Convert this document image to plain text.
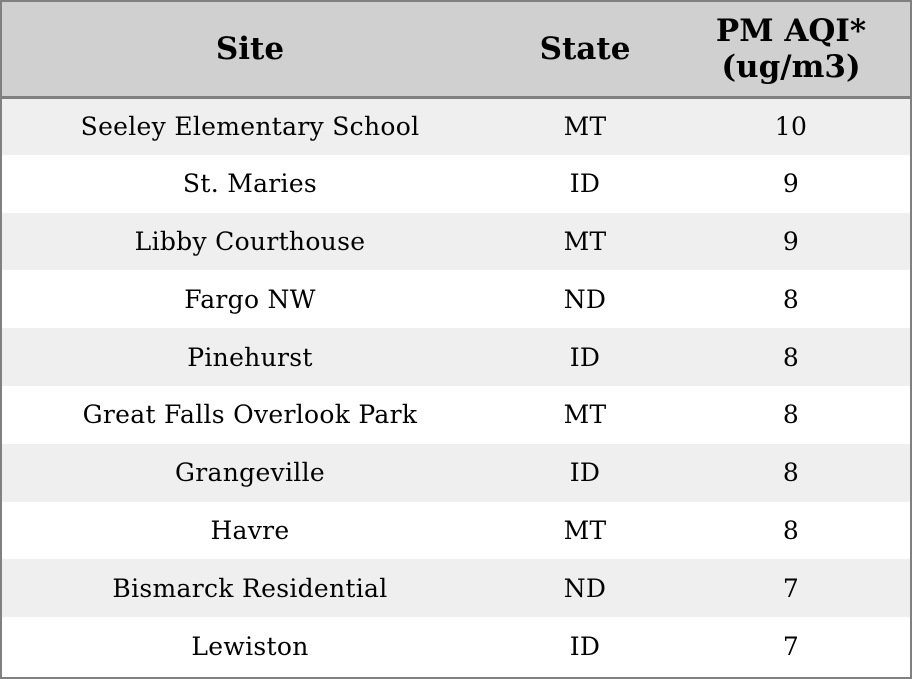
Site	State	PM AQI*
(ug/m3)

Seeley Elementary School	MT	10
St. Maries	ID	9
Libby Courthouse	MT	9
Fargo NW	ND	8
Pinehurst	ID	8
Great Falls Overlook Park	MT	8
Grangeville	ID	8
Havre	MT	8
Bismarck Residential	ND	7
Lewiston	ID	7
